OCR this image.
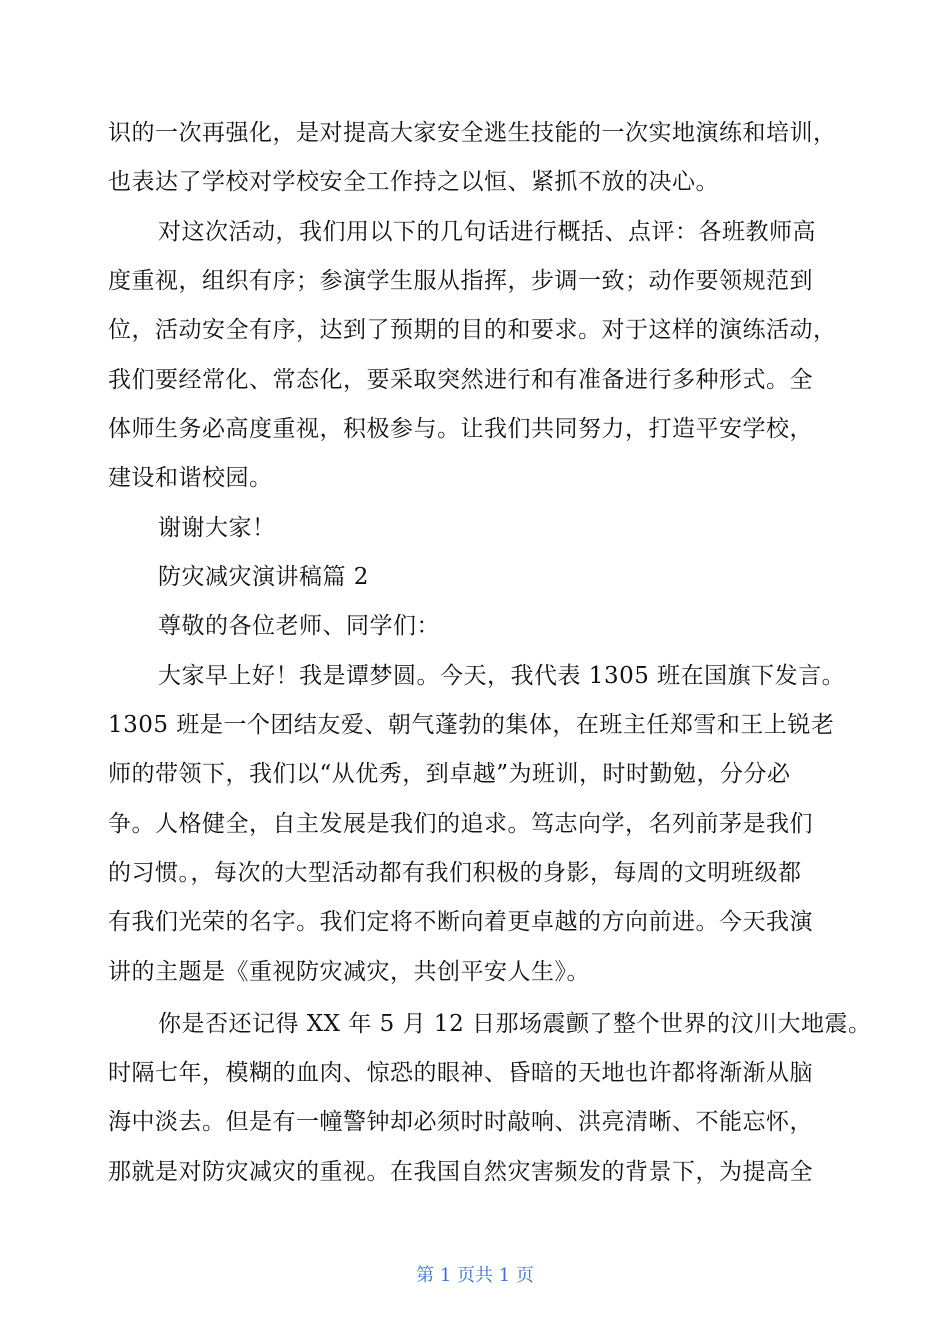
识的一次再强化，是对提高大家安全逃生技能的一次实地演练和培训，
也表达了学校对学校安全工作持之以恒、紧抓不放的决心。
对这次活动，我们用以下的几句话进行概括、点评：各班教师高
度重视，组织有序；参演学生服从指挥，步调一致；动作要领规范到
位，活动安全有序，达到了预期的目的和要求。对于这样的演练活动，
我们要经常化、常态化，要采取突然进行和有准备进行多种形式。全
体师生务必高度重视，积极参与。让我们共同努力，打造平安学校，
建设和谐校园。
谢谢大家！
防灾减灾演讲稿篇 2
尊敬的各位老师、同学们：
大家早上好！我是谭梦圆。今天，我代表 1305 班在国旗下发言。
1305 班是一个团结友爱、朝气蓬勃的集体，在班主任郑雪和王上锐老
师的带领下，我们以“从优秀，到卓越”为班训，时时勤勉，分分必
争。人格健全，自主发展是我们的追求。笃志向学，名列前茅是我们
的习惯。，每次的大型活动都有我们积极的身影，每周的文明班级都
有我们光荣的名字。我们定将不断向着更卓越的方向前进。今天我演
讲的主题是《重视防灾减灾，共创平安人生》。
你是否还记得 XX 年 5 月 12 日那场震颤了整个世界的汶川大地震。
时隔七年，模糊的血肉、惊恐的眼神、昏暗的天地也许都将渐渐从脑
海中淡去。但是有一幢警钟却必须时时敲响、洪亮清晰、不能忘怀，
那就是对防灾减灾的重视。在我国自然灾害频发的背景下，为提高全
第 1 页共 1 页
